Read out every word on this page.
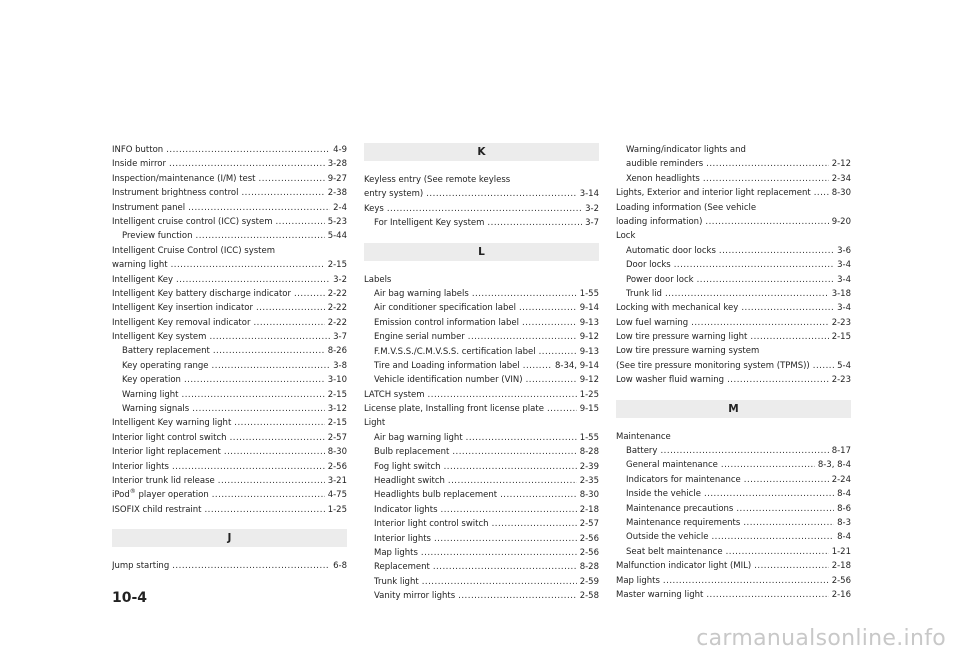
INFO button .....	4-9
Inside mirror .....	3-28
Inspection/maintenance (I/M) test .....	9-27
Instrument brightness control .....	2-38
Instrument panel .....	2-4
Intelligent cruise control (ICC) system .....	5-23
Preview function .....	5-44
Intelligent Cruise Control (ICC) system
warning light .....	2-15
Intelligent Key .....	3-2
Intelligent Key battery discharge indicator .....	2-22
Intelligent Key insertion indicator .....	2-22
Intelligent Key removal indicator .....	2-22
Intelligent Key system .....	3-7
Battery replacement .....	8-26
Key operating range .....	3-8
Key operation .....	3-10
Warning light .....	2-15
Warning signals .....	3-12
Intelligent Key warning light .....	2-15
Interior light control switch .....	2-57
Interior light replacement .....	8-30
Interior lights .....	2-56
Interior trunk lid release .....	3-21
iPod® player operation .....	4-75
ISOFIX child restraint .....	1-25
J
Jump starting .....	6-8
K
Keyless entry (See remote keyless
entry system) .....	3-14
Keys .....	3-2
For Intelligent Key system .....	3-7
L
Labels
Air bag warning labels .....	1-55
Air conditioner specification label .....	9-14
Emission control information label .....	9-13
Engine serial number .....	9-12
F.M.V.S.S./C.M.V.S.S. certification label .....	9-13
Tire and Loading information label .....	8-34, 9-14
Vehicle identification number (VIN) .....	9-12
LATCH system .....	1-25
License plate, Installing front license plate .....	9-15
Light
Air bag warning light .....	1-55
Bulb replacement .....	8-28
Fog light switch .....	2-39
Headlight switch .....	2-35
Headlights bulb replacement .....	8-30
Indicator lights .....	2-18
Interior light control switch .....	2-57
Interior lights .....	2-56
Map lights .....	2-56
Replacement .....	8-28
Trunk light .....	2-59
Vanity mirror lights .....	2-58
Warning/indicator lights and
audible reminders .....	2-12
Xenon headlights .....	2-34
Lights, Exterior and interior light replacement ..... 8-30
Loading information (See vehicle
loading information) .....	9-20
Lock
Automatic door locks .....	3-6
Door locks .....	3-4
Power door lock .....	3-4
Trunk lid .....	3-18
Locking with mechanical key .....	3-4
Low fuel warning .....	2-23
Low tire pressure warning light .....	2-15
Low tire pressure warning system
(See tire pressure monitoring system (TPMS)) .....	5-4
Low washer fluid warning .....	2-23
M
Maintenance
Battery .....	8-17
General maintenance .....	8-3, 8-4
Indicators for maintenance .....	2-24
Inside the vehicle .....	8-4
Maintenance precautions .....	8-6
Maintenance requirements .....	8-3
Outside the vehicle .....	8-4
Seat belt maintenance .....	1-21
Malfunction indicator light (MIL) .....	2-18
Map lights .....	2-56
Master warning light .....	2-16
10-4
carmanualsonline.info
